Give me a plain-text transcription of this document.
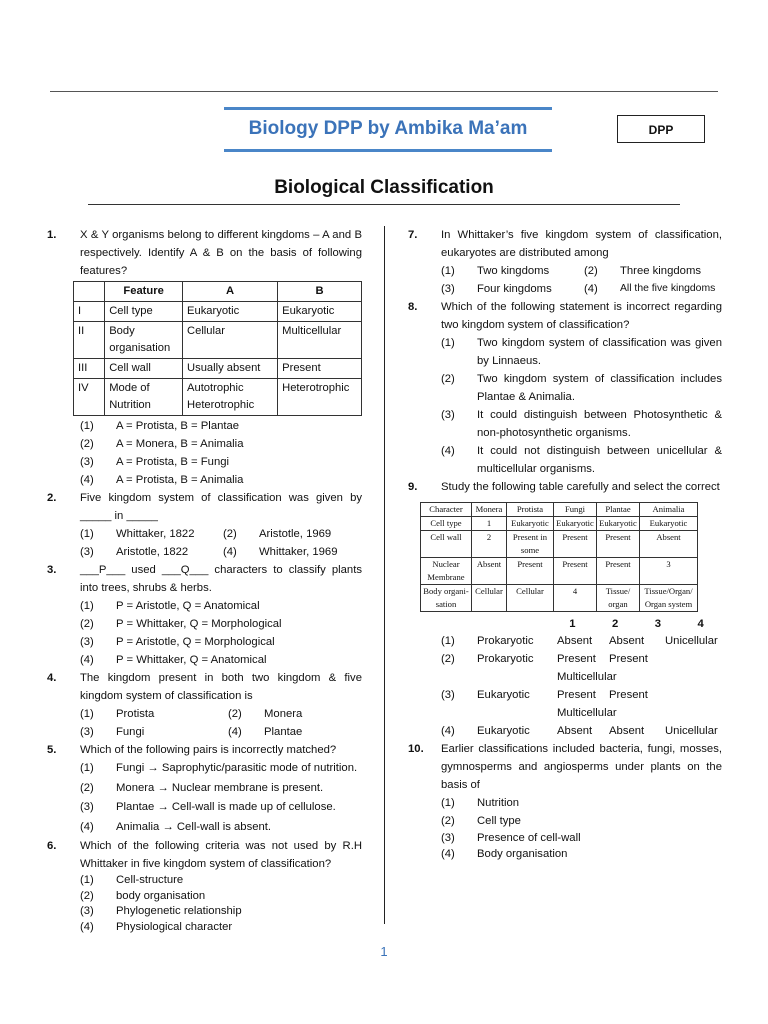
Biology DPP by Ambika Ma’am	DPP
Biological Classification
1. X & Y organisms belong to different kingdoms – A and B respectively. Identify A & B on the basis of following features?
	Feature	A	B
I	Cell type	Eukaryotic	Eukaryotic
II	Body organisation	Cellular	Multicellular
III	Cell wall	Usually absent	Present
IV	Mode of Nutrition	Autotrophic Heterotrophic	Heterotrophic
(1)	A = Protista, B = Plantae
(2)	A = Monera, B = Animalia
(3)	A = Protista, B = Fungi
(4)	A = Protista, B = Animalia
2. Five kingdom system of classification was given by _____ in _____
(1)	Whittaker, 1822	(2)	Aristotle, 1969
(3)	Aristotle, 1822	(4)	Whittaker, 1969
3. ___P___ used ___Q___ characters to classify plants into trees, shrubs & herbs.
(1)	P = Aristotle, Q = Anatomical
(2)	P = Whittaker, Q = Morphological
(3)	P = Aristotle, Q = Morphological
(4)	P = Whittaker, Q = Anatomical
4. The kingdom present in both two kingdom & five kingdom system of classification is
(1)	Protista	(2)	Monera
(3)	Fungi	(4)	Plantae
5. Which of the following pairs is incorrectly matched?
(1)	Fungi → Saprophytic/parasitic mode of nutrition.
(2)	Monera → Nuclear membrane is present.
(3)	Plantae → Cell-wall is made up of cellulose.
(4)	Animalia → Cell-wall is absent.
6. Which of the following criteria was not used by R.H Whittaker in five kingdom system of classification?
(1)	Cell-structure
(2)	body organisation
(3)	Phylogenetic relationship
(4)	Physiological character
7. In Whittaker’s five kingdom system of classification, eukaryotes are distributed among
(1)	Two kingdoms	(2)	Three kingdoms
(3)	Four kingdoms	(4)	All the five kingdoms
8. Which of the following statement is incorrect regarding two kingdom system of classification?
(1)	Two kingdom system of classification was given by Linnaeus.
(2)	Two kingdom system of classification includes Plantae & Animalia.
(3)	It could distinguish between Photosynthetic & non-photosynthetic organisms.
(4)	It could not distinguish between unicellular & multicellular organisms.
9. Study the following table carefully and select the correct
Character	Monera	Protista	Fungi	Plantae	Animalia
Cell type	1	Eukaryotic	Eukaryotic	Eukaryotic	Eukaryotic
Cell wall	2	Present in some	Present	Present	Absent
Nuclear Membrane	Absent	Present	Present	Present	3
Body organi-sation	Cellular	Cellular	4	Tissue/ organ	Tissue/Organ/ Organ system
1	2	3	4
(1)	Prokaryotic	Absent	Absent	Unicellular
(2)	Prokaryotic	Present	Present
Multicellular
(3)	Eukaryotic	Present	Present
Multicellular
(4)	Eukaryotic	Absent	Absent	Unicellular
10. Earlier classifications included bacteria, fungi, mosses, gymnosperms and angiosperms under plants on the basis of
(1)	Nutrition
(2)	Cell type
(3)	Presence of cell-wall
(4)	Body organisation
1
